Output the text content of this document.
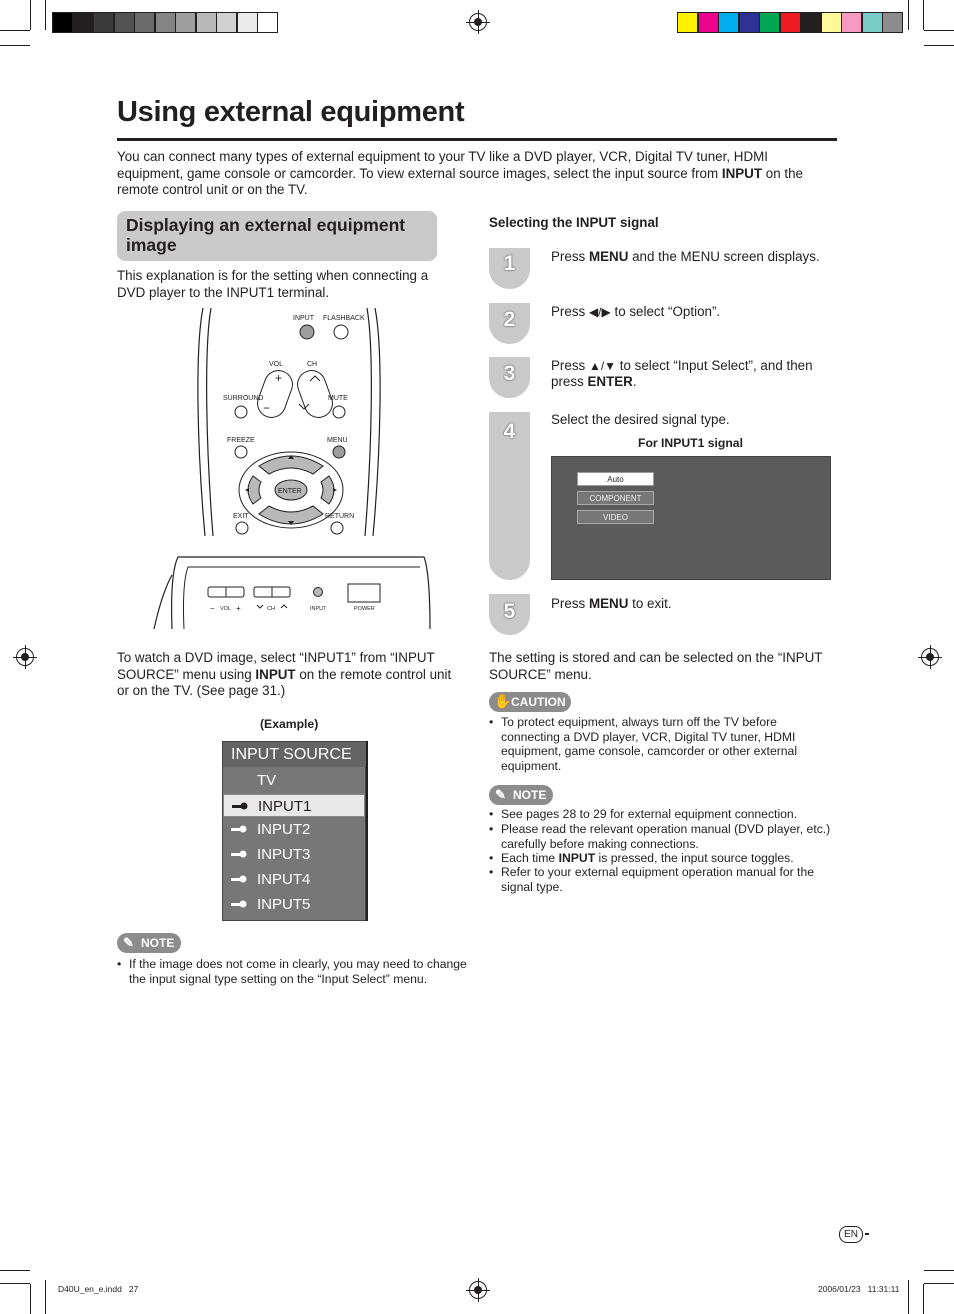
Using external equipment

You can connect many types of external equipment to your TV like a DVD player, VCR, Digital TV tuner, HDMI equipment, game console or camcorder. To view external source images, select the input source from INPUT on the remote control unit or on the TV.

Displaying an external equipment image

This explanation is for the setting when connecting a DVD player to the INPUT1 terminal.

INPUT FLASHBACK
VOL	CH
+
−
SURROUND	MUTE
FREEZE	MENU
ENTER
EXIT	RETURN
− VOL +	CH	INPUT	POWER

To watch a DVD image, select “INPUT1” from “INPUT SOURCE” menu using INPUT on the remote control unit or on the TV. (See page 31.)

(Example)
INPUT SOURCE
TV
INPUT1
INPUT2
INPUT3
INPUT4
INPUT5
✎ NOTE

• If the image does not come in clearly, you may need to change the input signal type setting on the “Input Select” menu.

Selecting the INPUT signal

1	Press MENU and the MENU screen displays.

2	Press ◀/▶ to select “Option”.

3	Press ▲/▼ to select “Input Select”, and then press ENTER.

4

Select the desired signal type.

For INPUT1 signal
Auto
COMPONENT
VIDEO
5	Press MENU to exit.

The setting is stored and can be selected on the “INPUT SOURCE” menu.

✋ CAUTION

• To protect equipment, always turn off the TV before connecting a DVD player, VCR, Digital TV tuner, HDMI equipment, game console, camcorder or other external equipment.

✎ NOTE

• See pages 28 to 29 for external equipment connection.

• Please read the relevant operation manual (DVD player, etc.) carefully before making connections.

• Each time INPUT is pressed, the input source toggles.

• Refer to your external equipment operation manual for the signal type.

EN
D40U_en_e.indd   27	2006/01/23   11:31:11
